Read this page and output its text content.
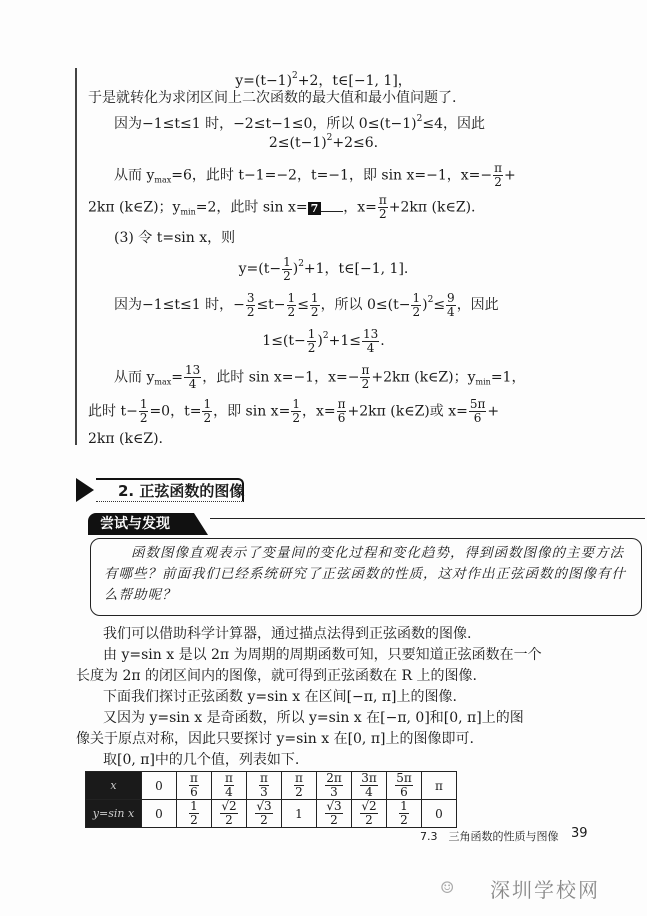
$y=(t-1)^2+2$，t∈[−1, 1]，
于是就转化为求闭区间上二次函数的最大值和最小值问题了.
因为−1≤t≤1 时，−2≤t−1≤0，所以 $0\le(t-1)^2\le 4$，因此
$2\le(t-1)^2+2\le 6$.
从而 $y_{max}=6$，此时 t−1=−2，t=−1，即 sin x=−1，$x=- \frac{\pi}{2}$ +
2kπ (k∈Z)；$y_{min}=2$，此时 sin x= 7 ，$x= \frac{\pi}{2} +2k\pi$ (k∈Z).
(3) 令 t=sin x，则
$y=(t- \frac{1}{2} )^2+1$，t∈[−1, 1].
因为−1≤t≤1 时，− $\frac{3}{2} \le t- \frac{1}{2} \le \frac{1}{2}$ ，所以 $0\le(t- \frac{1}{2} )^2\le \frac{9}{4}$ ，因此
$1\le(t- \frac{1}{2} )^2+1\le \frac{13}{4}$ .
从而 $y_{max}= \frac{13}{4}$ ，此时 sin x=−1，$x=- \frac{\pi}{2} +2k\pi$ (k∈Z)；$y_{min}=1$，
此时 $t- \frac{1}{2} =0$，$t= \frac{1}{2}$ ，即 $\sin x= \frac{1}{2}$ ，$x= \frac{\pi}{6} +2k\pi$ (k∈Z)或 $x= \frac{5\pi}{6}$ +
2kπ (k∈Z).
2. 正弦函数的图像
尝试与发现
函数图像直观表示了变量间的变化过程和变化趋势，得到函数图像的主要方法有哪些？前面我们已经系统研究了正弦函数的性质，这对作出正弦函数的图像有什么帮助呢？
我们可以借助科学计算器，通过描点法得到正弦函数的图像.
由 y=sin x 是以 2π 为周期的周期函数可知，只要知道正弦函数在一个
长度为 2π 的闭区间内的图像，就可得到正弦函数在 R 上的图像.
下面我们探讨正弦函数 y=sin x 在区间[−π, π]上的图像.
又因为 y=sin x 是奇函数，所以 y=sin x 在[−π, 0]和[0, π]上的图
像关于原点对称，因此只要探讨 y=sin x 在[0, π]上的图像即可.
取[0, π]中的几个值，列表如下.
x	0	$\frac{\pi}{6}$	$\frac{\pi}{4}$	$\frac{\pi}{3}$	$\frac{\pi}{2}$	$\frac{2\pi}{3}$	$\frac{3\pi}{4}$	$\frac{5\pi}{6}$	π
y=sin x	0	$\frac{1}{2}$	$\frac{√2}{2}$	$\frac{√3}{2}$	1	$\frac{√3}{2}$	$\frac{√2}{2}$	$\frac{1}{2}$	0
7.3　三角函数的性质与图像 39
☺ 深圳学校网
